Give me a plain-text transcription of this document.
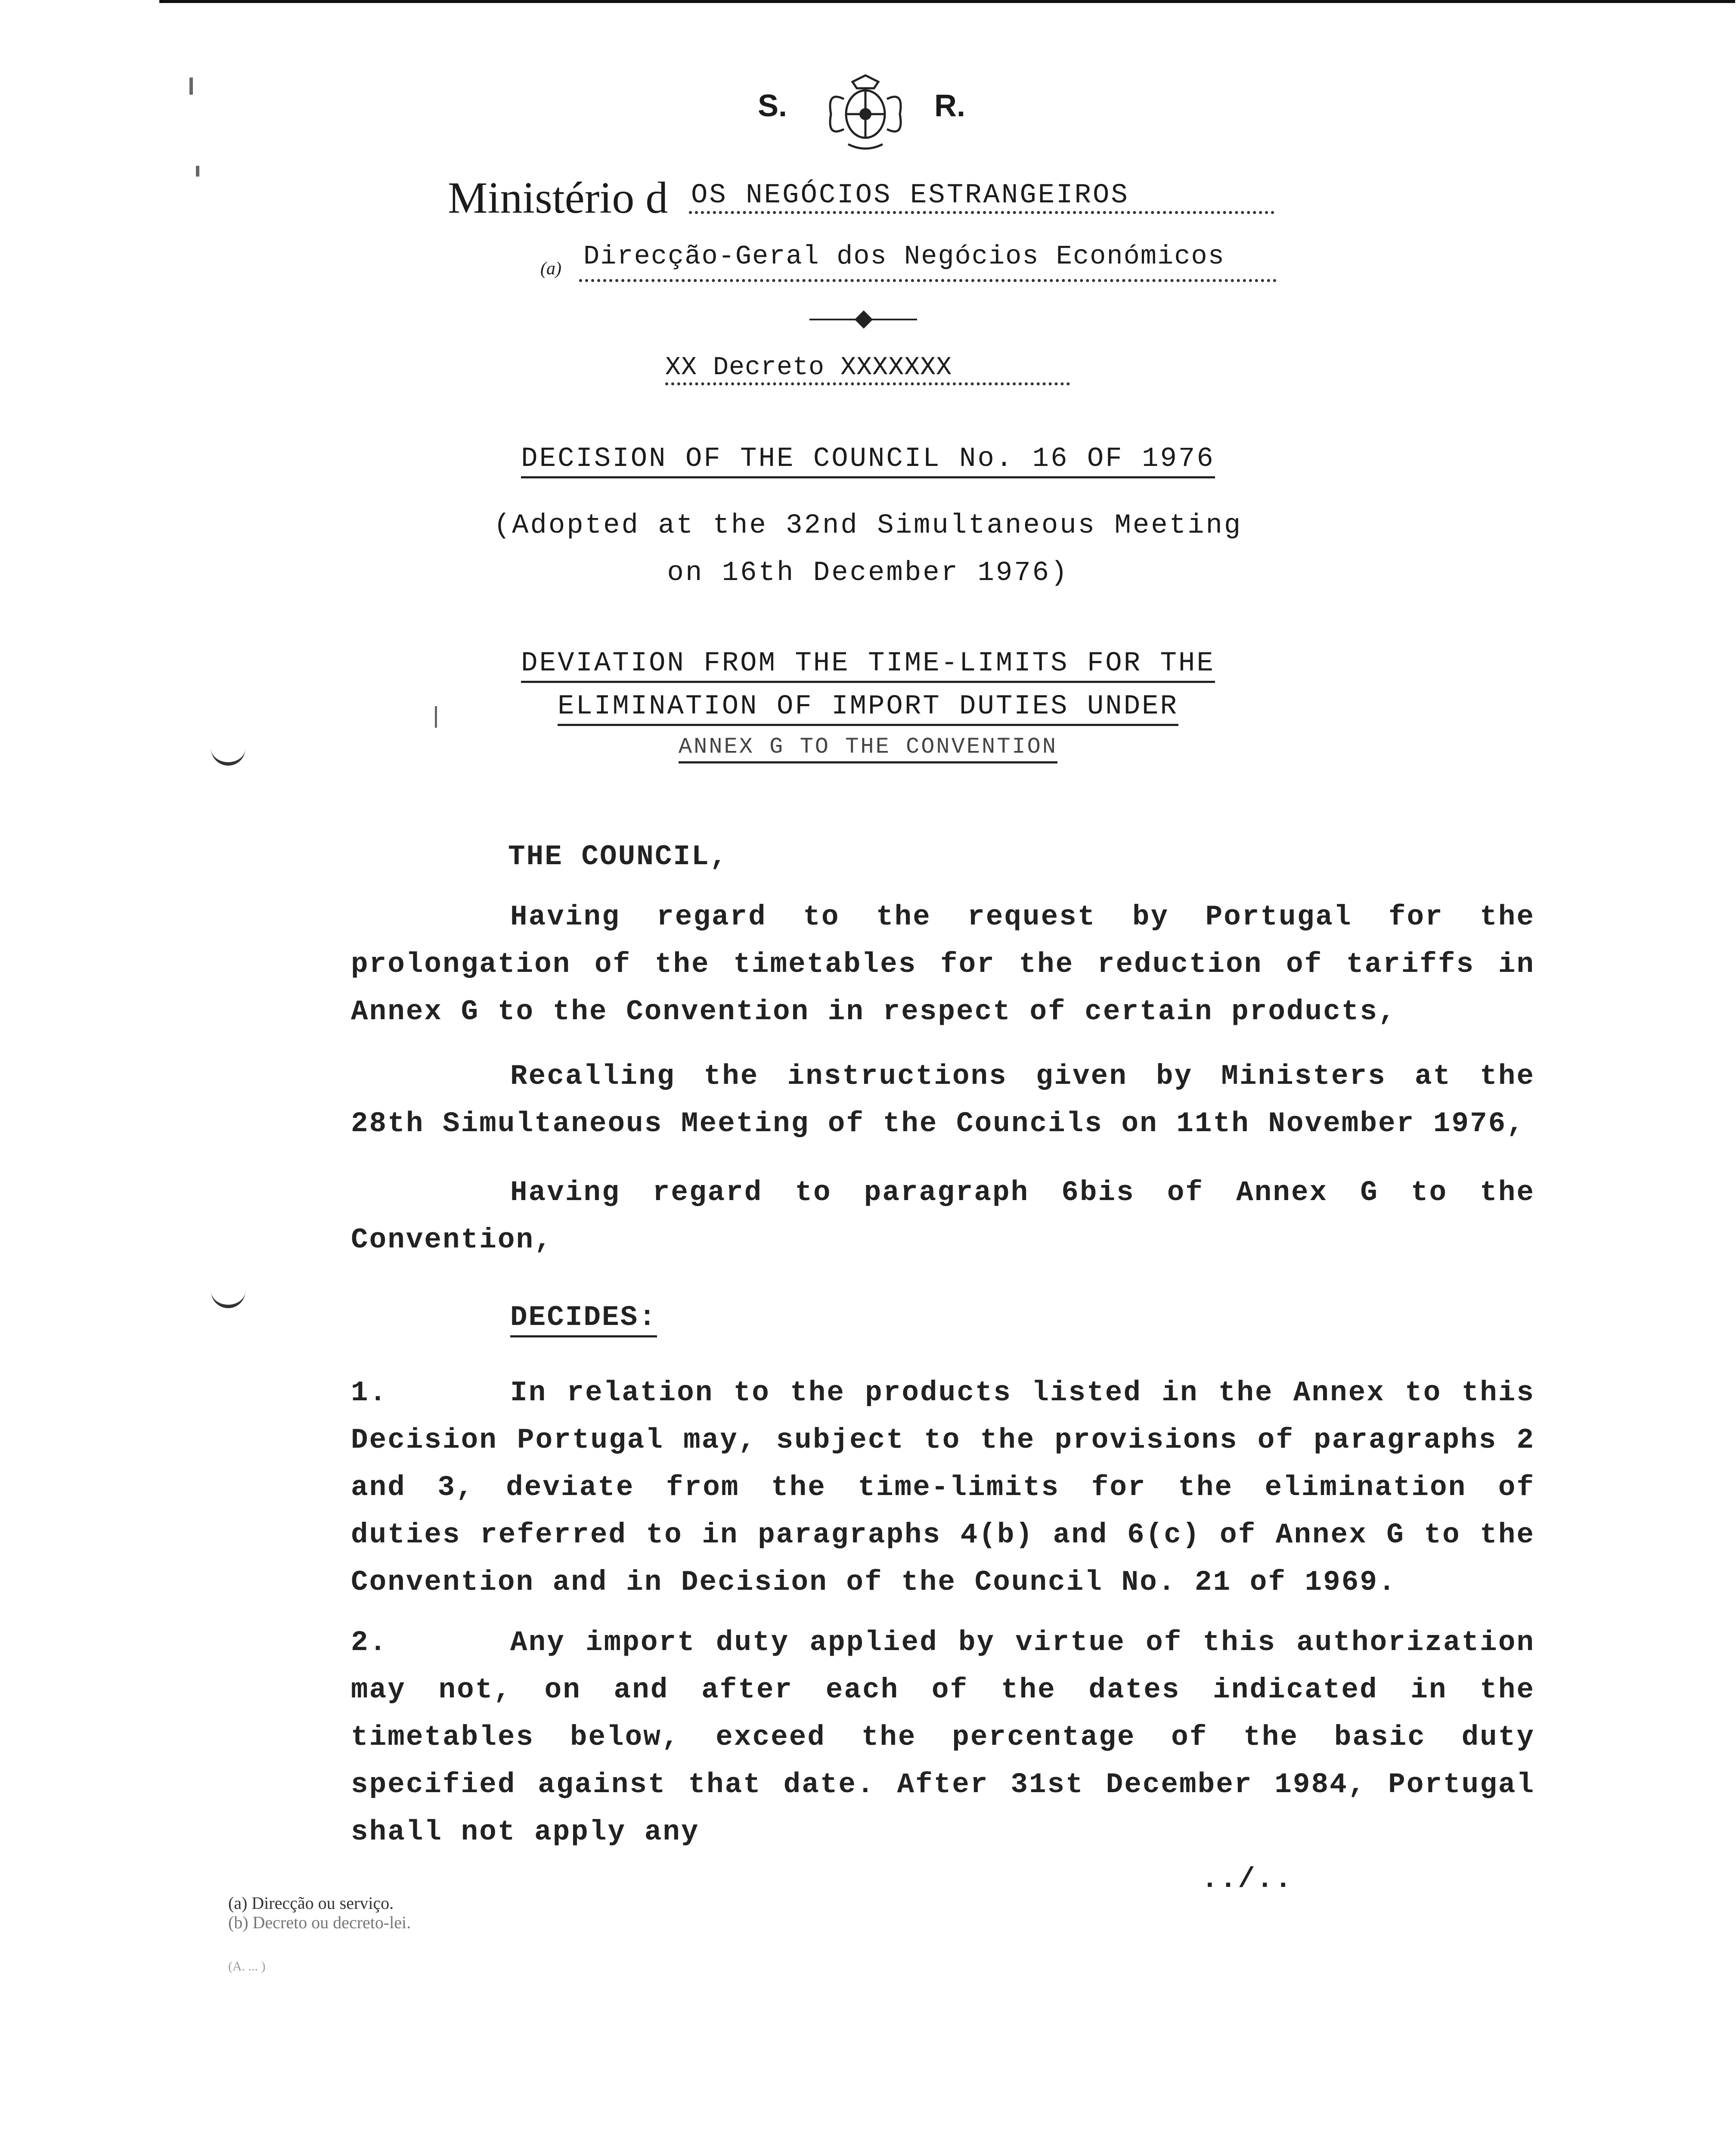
S.	R.
Ministério d OS NEGÓCIOS ESTRANGEIROS
(a) Direcção-Geral dos Negócios Económicos
XX Decreto XXXXXXX
DECISION OF THE COUNCIL No. 16 OF 1976
(Adopted at the 32nd Simultaneous Meeting
on 16th December 1976)
DEVIATION FROM THE TIME-LIMITS FOR THE
ELIMINATION OF IMPORT DUTIES UNDER
ANNEX G TO THE CONVENTION
THE COUNCIL,
Having regard to the request by Portugal for the prolongation of the timetables for the reduction of tariffs in Annex G to the Convention in respect of certain products,
Recalling the instructions given by Ministers at the 28th Simultaneous Meeting of the Councils on 11th November 1976,
Having regard to paragraph 6bis of Annex G to the Convention,
DECIDES:
1.	In relation to the products listed in the Annex to this Decision Portugal may, subject to the provisions of paragraphs 2 and 3, deviate from the time-limits for the elimination of duties referred to in paragraphs 4(b) and 6(c) of Annex G to the Convention and in Decision of the Council No. 21 of 1969.
2.	Any import duty applied by virtue of this authorization may not, on and after each of the dates indicated in the timetables below, exceed the percentage of the basic duty specified against that date. After 31st December 1984, Portugal shall not apply any
../..
(a) Direcção ou serviço.
(b) Decreto ou decreto-lei.
(A. ... )
